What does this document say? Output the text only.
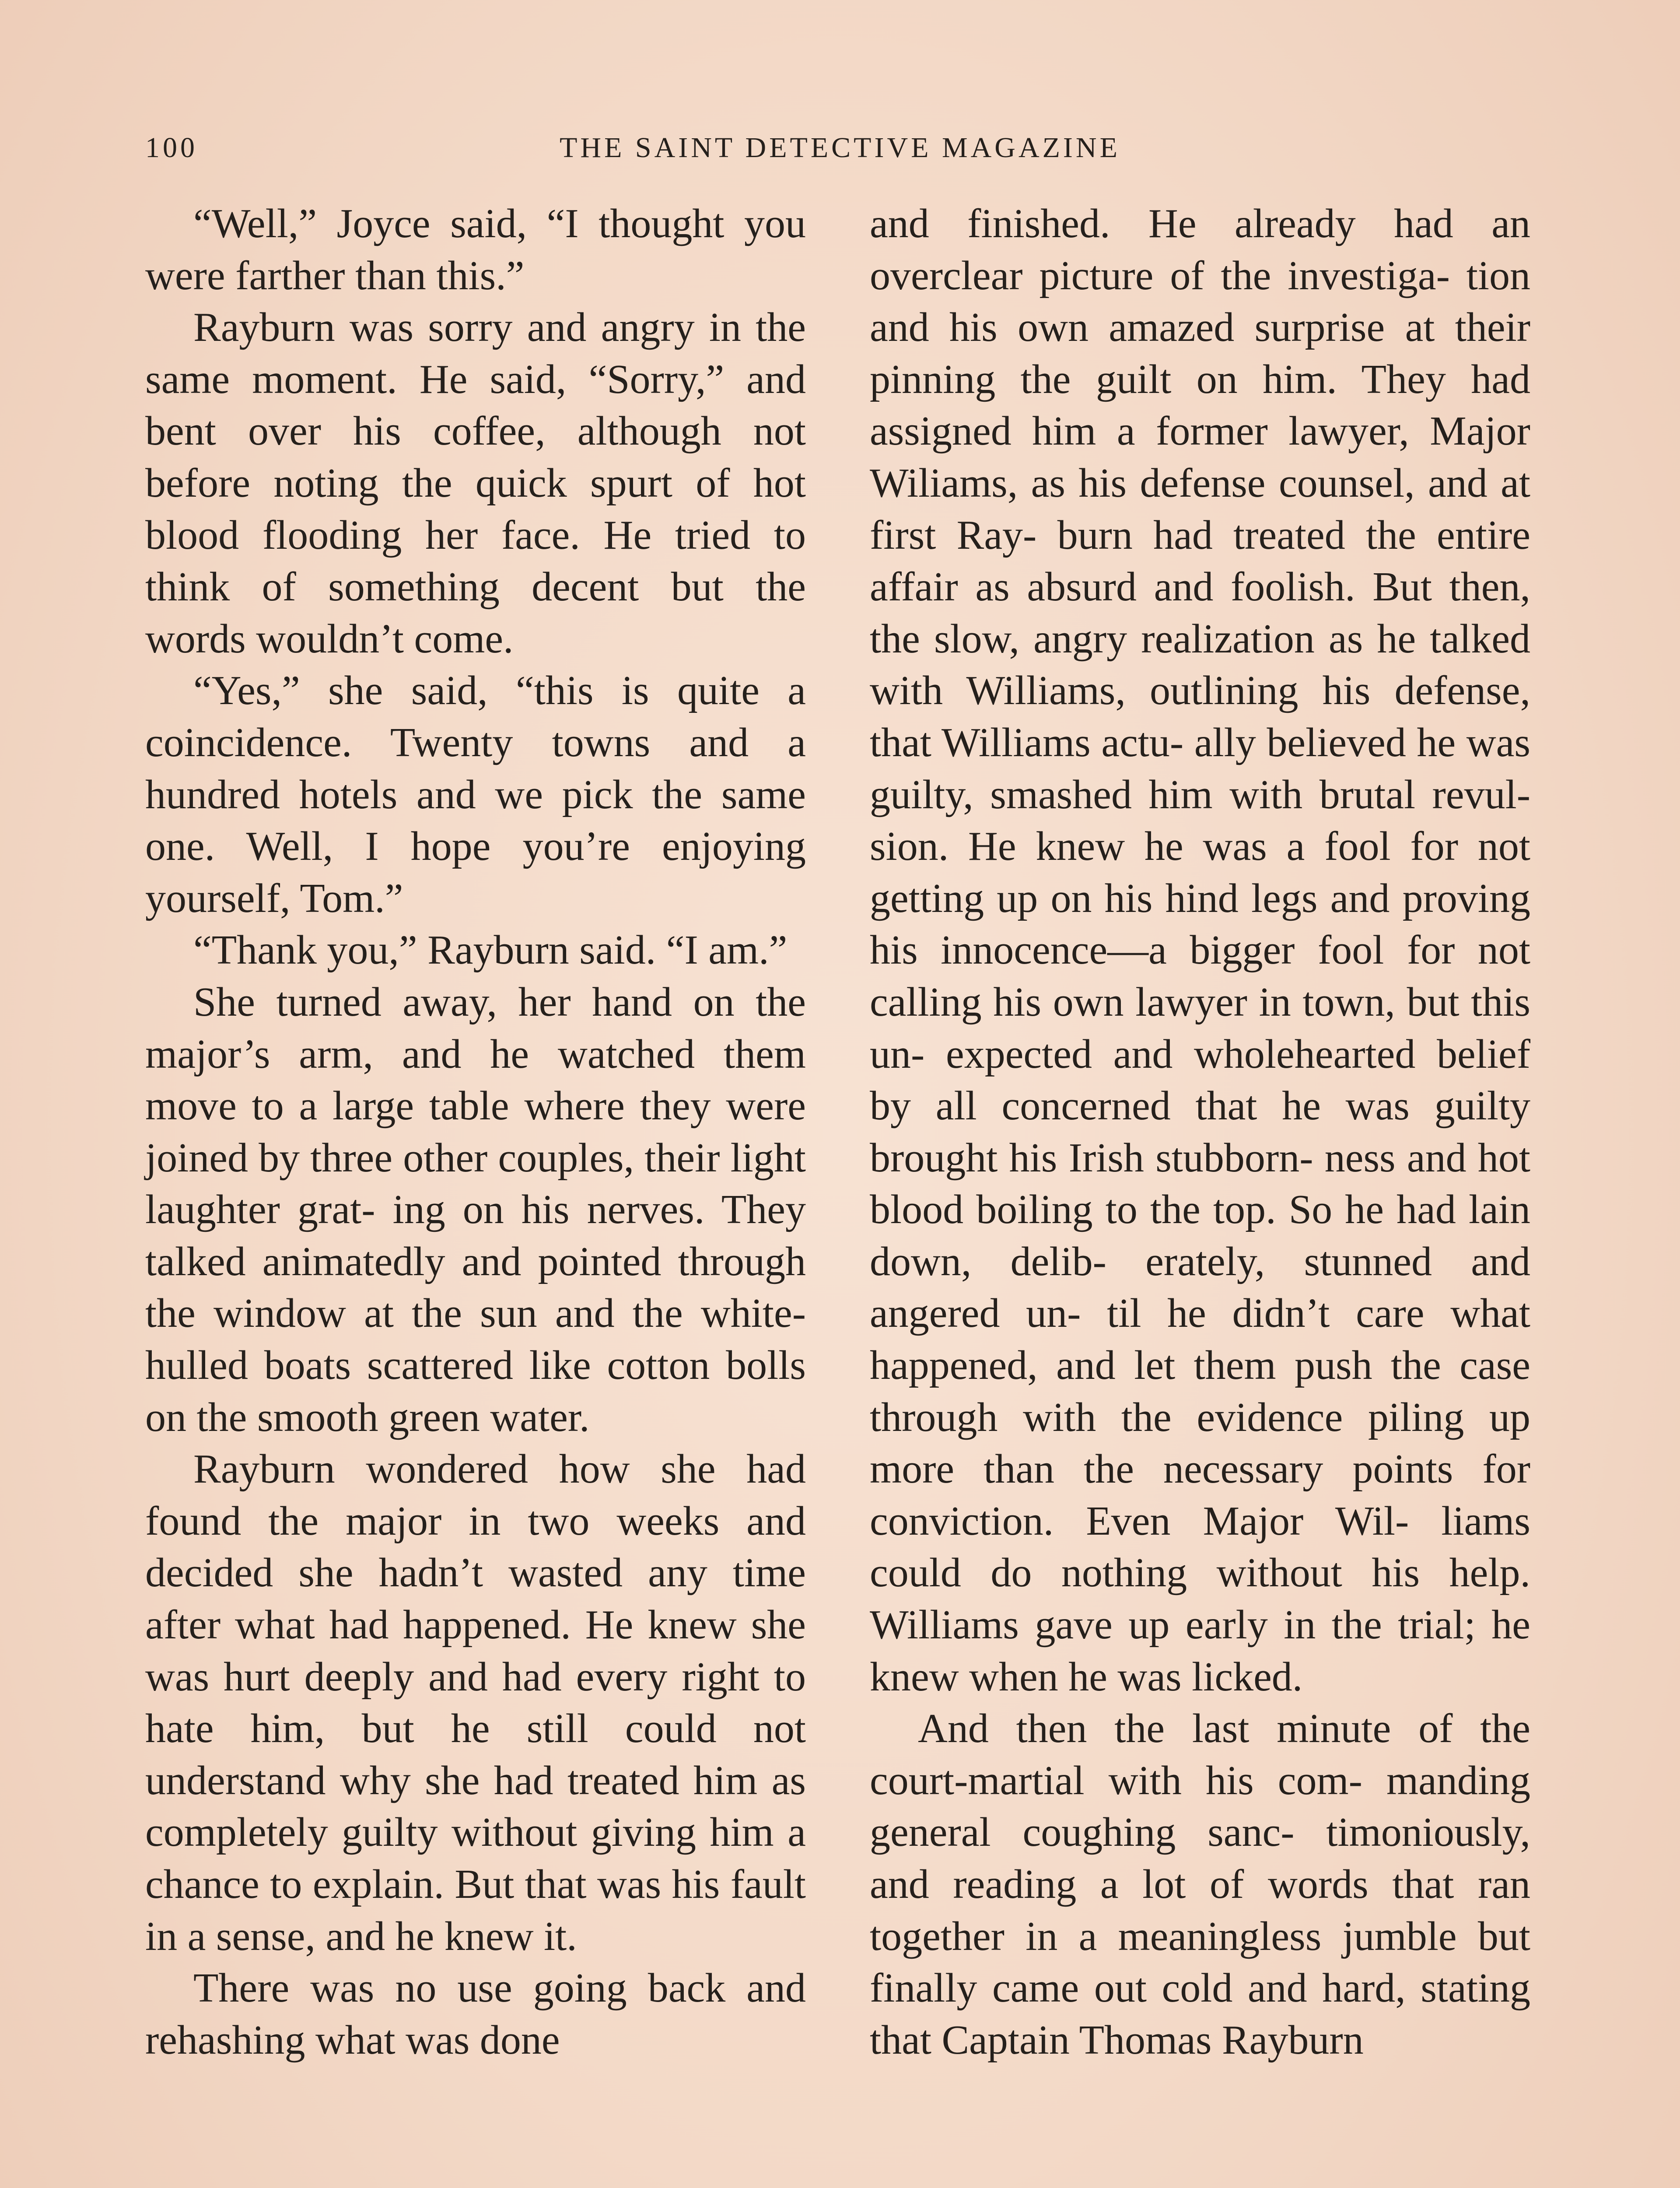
100	THE SAINT DETECTIVE MAGAZINE

“Well,” Joyce said, “I thought you were farther than this.”

Rayburn was sorry and angry in the same moment. He said, “Sorry,” and bent over his coffee, although not before noting the quick spurt of hot blood flooding her face. He tried to think of something decent but the words wouldn’t come.

“Yes,” she said, “this is quite a coincidence. Twenty towns and a hundred hotels and we pick the same one. Well, I hope you’re enjoying yourself, Tom.”

“Thank you,” Rayburn said. “I am.”

She turned away, her hand on the major’s arm, and he watched them move to a large table where they were joined by three other couples, their light laughter grat- ing on his nerves. They talked animatedly and pointed through the window at the sun and the white-hulled boats scattered like cotton bolls on the smooth green water.

Rayburn wondered how she had found the major in two weeks and decided she hadn’t wasted any time after what had happened. He knew she was hurt deeply and had every right to hate him, but he still could not understand why she had treated him as completely guilty without giving him a chance to explain. But that was his fault in a sense, and he knew it.

There was no use going back and rehashing what was done

and finished. He already had an overclear picture of the investiga- tion and his own amazed surprise at their pinning the guilt on him. They had assigned him a former lawyer, Major Wiliams, as his defense counsel, and at first Ray- burn had treated the entire affair as absurd and foolish. But then, the slow, angry realization as he talked with Williams, outlining his defense, that Williams actu- ally believed he was guilty, smashed him with brutal revul- sion. He knew he was a fool for not getting up on his hind legs and proving his innocence—a bigger fool for not calling his own lawyer in town, but this un- expected and wholehearted belief by all concerned that he was guilty brought his Irish stubborn- ness and hot blood boiling to the top. So he had lain down, delib- erately, stunned and angered un- til he didn’t care what happened, and let them push the case through with the evidence piling up more than the necessary points for conviction. Even Major Wil- liams could do nothing without his help. Williams gave up early in the trial; he knew when he was licked.

And then the last minute of the court-martial with his com- manding general coughing sanc- timoniously, and reading a lot of words that ran together in a meaningless jumble but finally came out cold and hard, stating that Captain Thomas Rayburn
